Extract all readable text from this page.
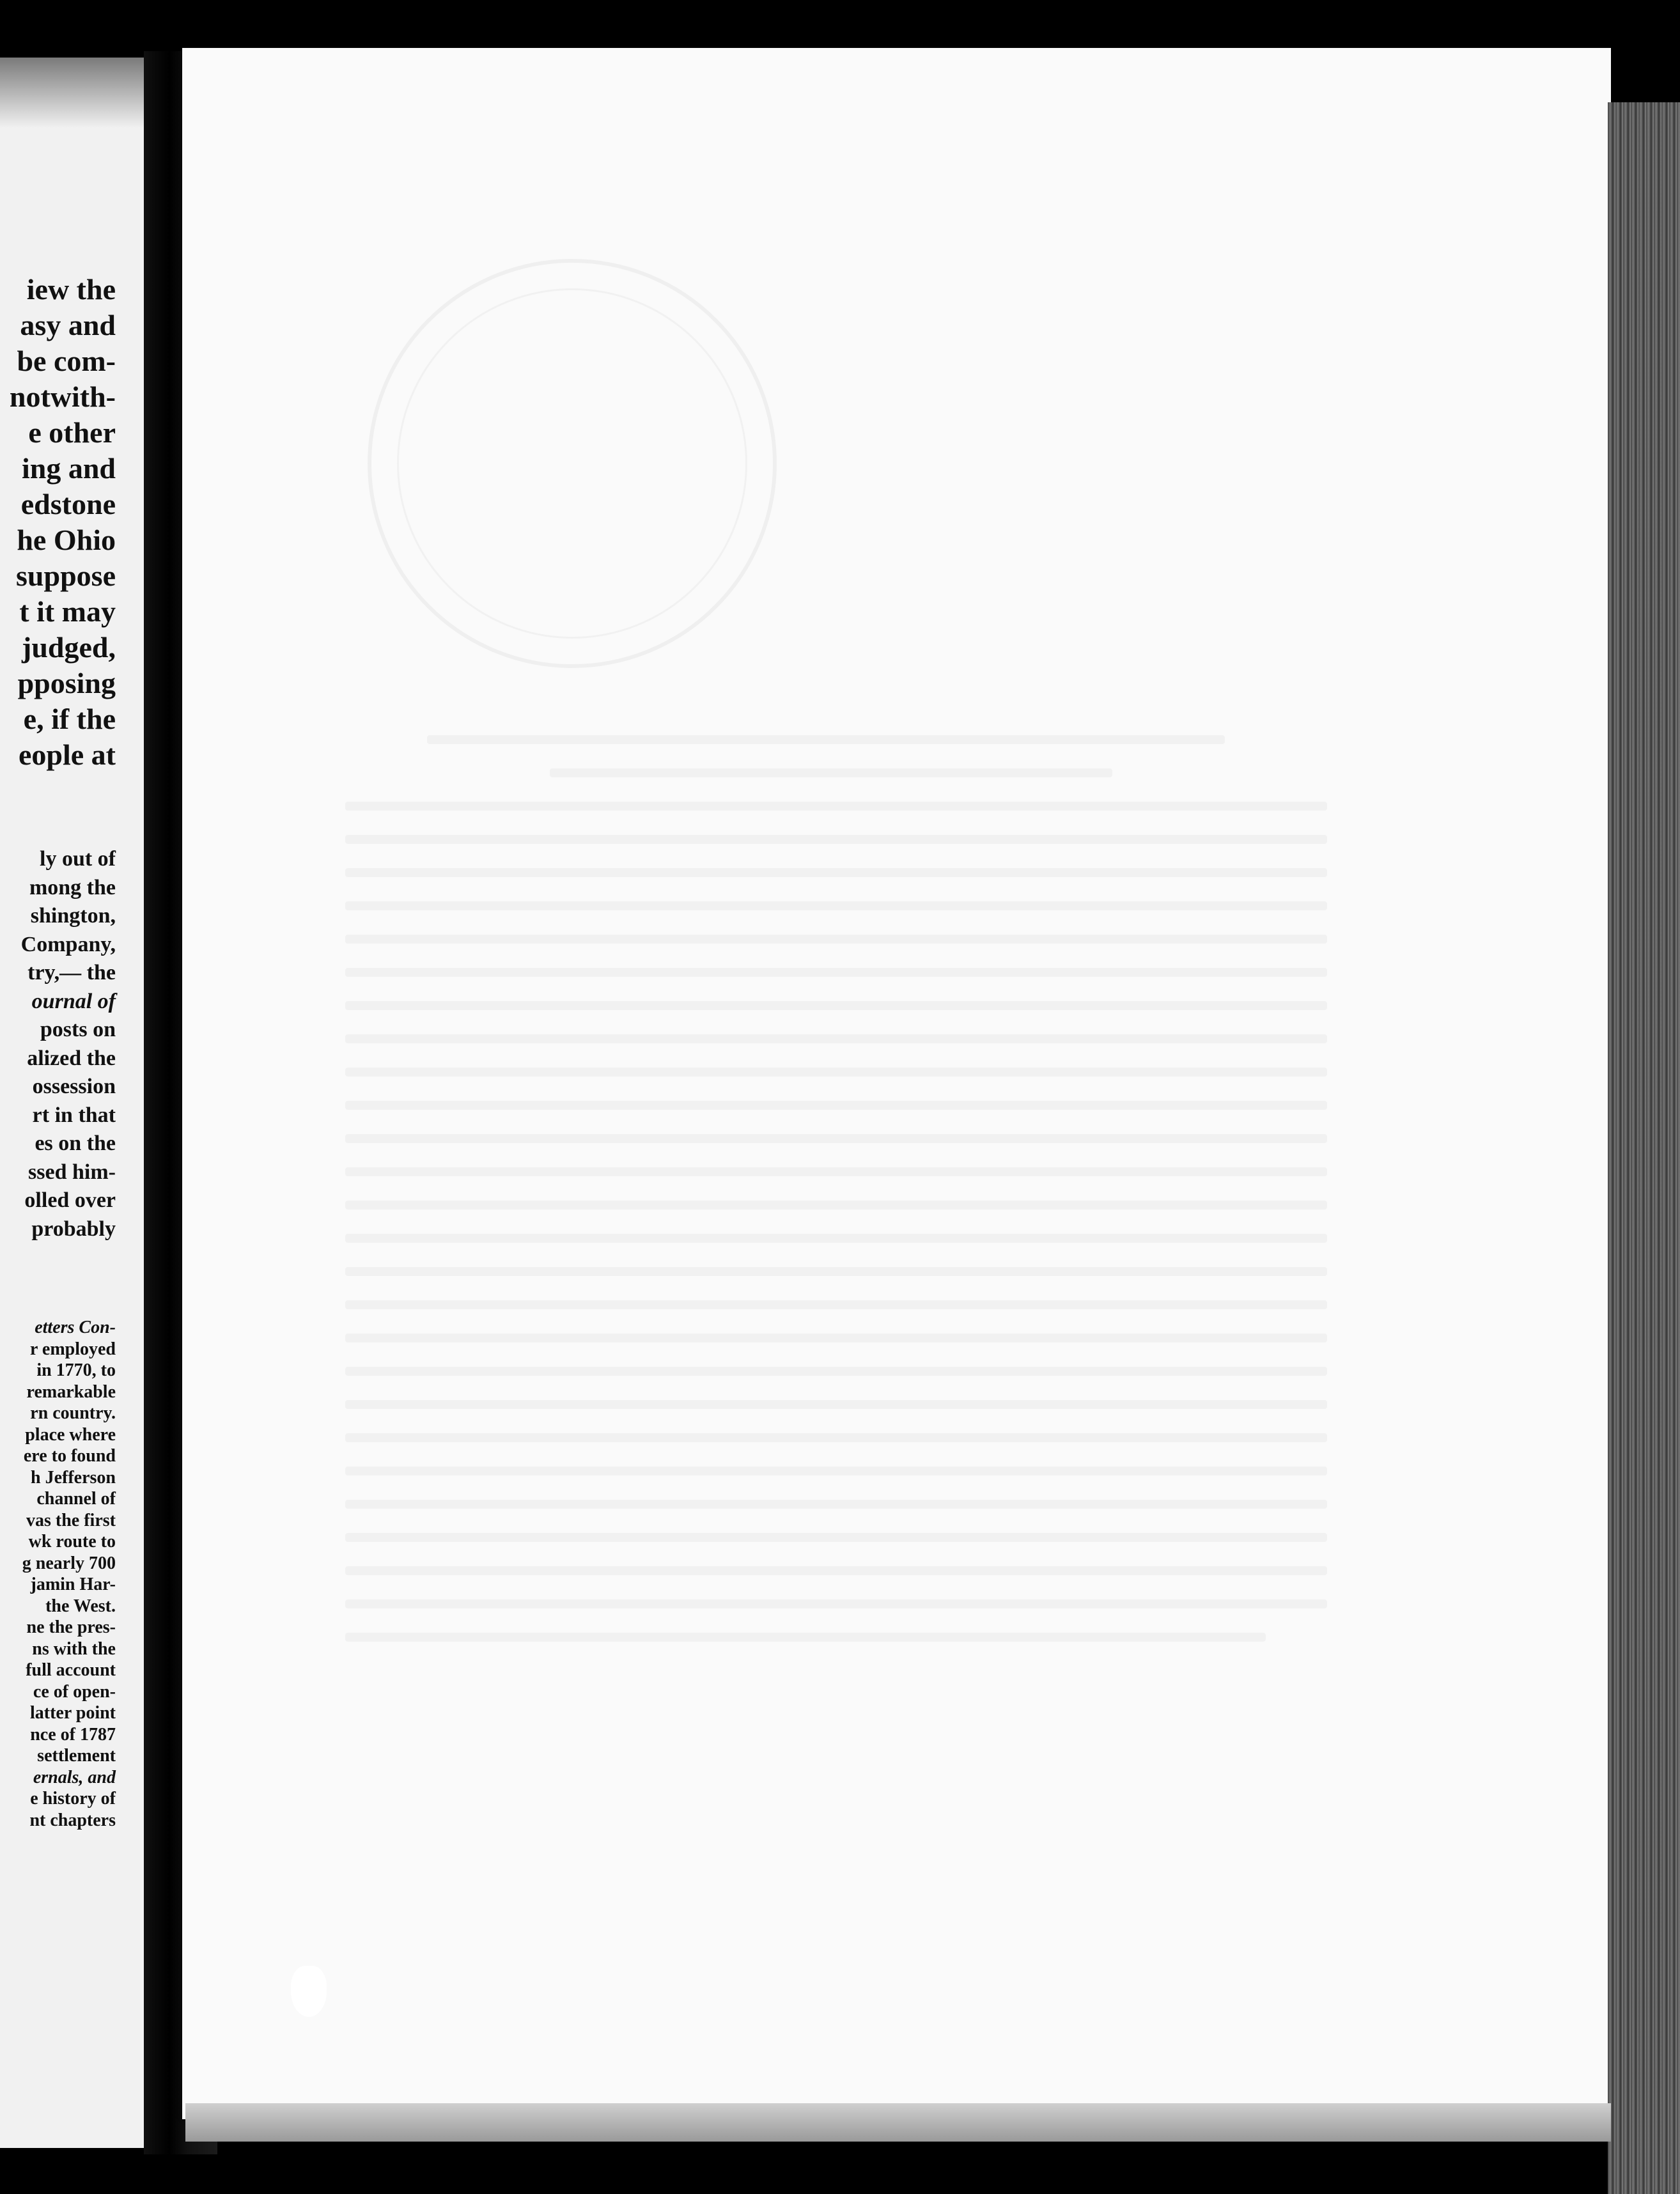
iew the
asy and
be com-
notwith-
e other
ing and
edstone
he Ohio
suppose
t it may
judged,
pposing
e, if the
eople at
ly out of
mong the
shington,
Company,
try,— the
ournal of
posts on
alized the
ossession
rt in that
es on the
ssed him-
olled over
probably
etters Con-
r employed
in 1770, to
remarkable
rn country.
place where
ere to found
h Jefferson
channel of
vas the first
wk route to
g nearly 700
jamin Har-
the West.
ne the pres-
ns with the
full account
ce of open-
latter point
nce of 1787
settlement
ernals, and
e history of
nt chapters
